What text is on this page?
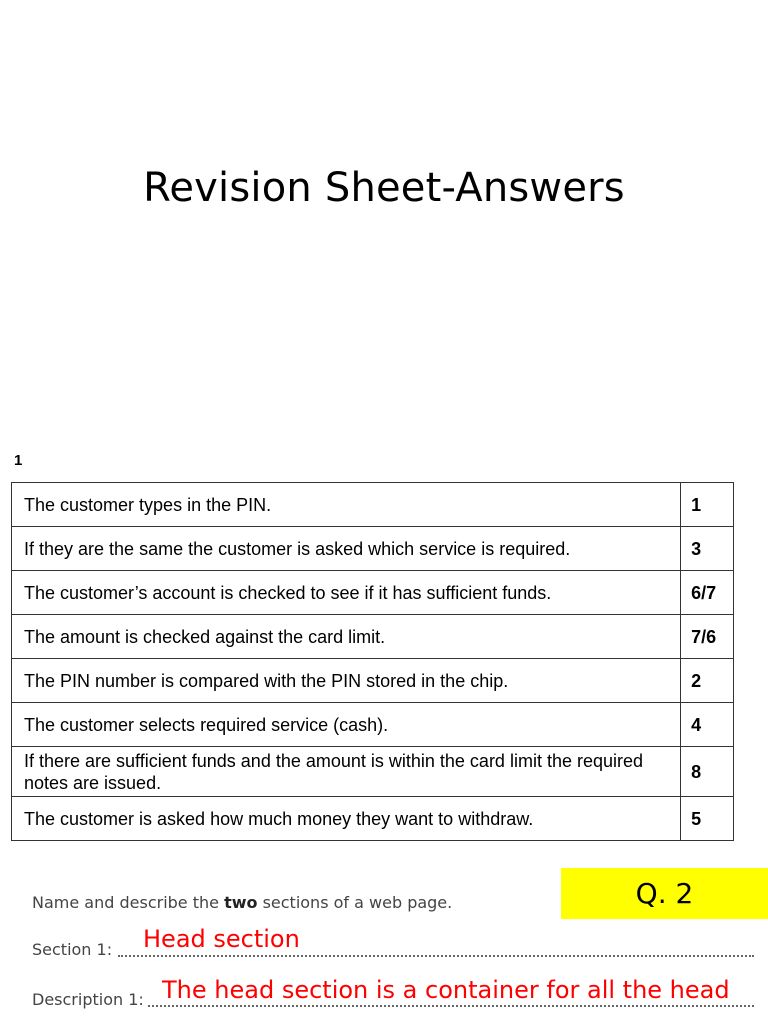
Revision Sheet-Answers
1
The customer types in the PIN.	1
If they are the same the customer is asked which service is required.	3
The customer’s account is checked to see if it has sufficient funds.	6/7
The amount is checked against the card limit.	7/6
The PIN number is compared with the PIN stored in the chip.	2
The customer selects required service (cash).	4
If there are sufficient funds and the amount is within the card limit the required notes are issued.	8
The customer is asked how much money they want to withdraw.	5
Q. 2
Name and describe the two sections of a web page.
Section 1: Head section
Description 1: The head section is a container for all the head
